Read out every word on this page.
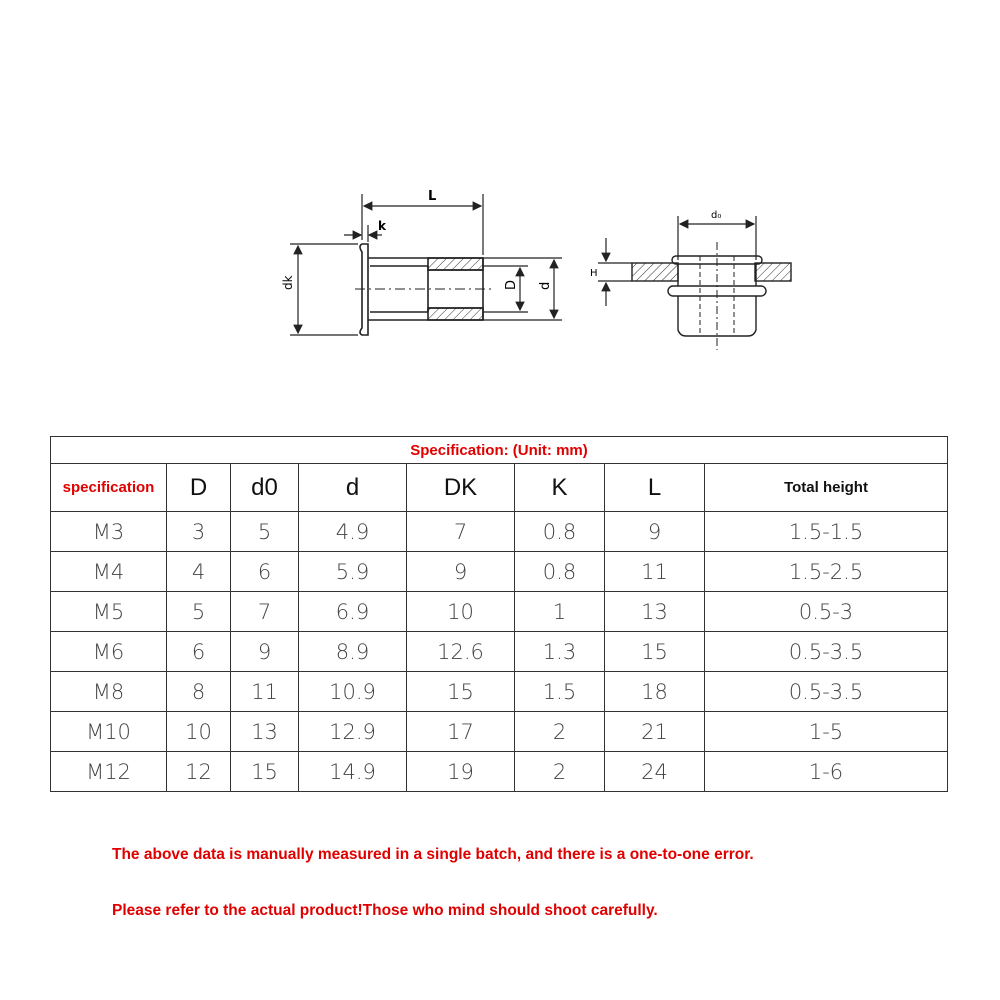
L
k
dk	D d
d₀
H
Specification: (Unit: mm)							
specification	D	d0	d	DK	K	L	Total height
M3	3	5	4.9	7	0.8	9	1.5-1.5
M4	4	6	5.9	9	0.8	11	1.5-2.5
M5	5	7	6.9	10	1	13	0.5-3
M6	6	9	8.9	12.6	1.3	15	0.5-3.5
M8	8	11	10.9	15	1.5	18	0.5-3.5
M10	10	13	12.9	17	2	21	1-5
M12	12	15	14.9	19	2	24	1-6
The above data is manually measured in a single batch, and there is a one-to-one error.
Please refer to the actual product!Those who mind should shoot carefully.
